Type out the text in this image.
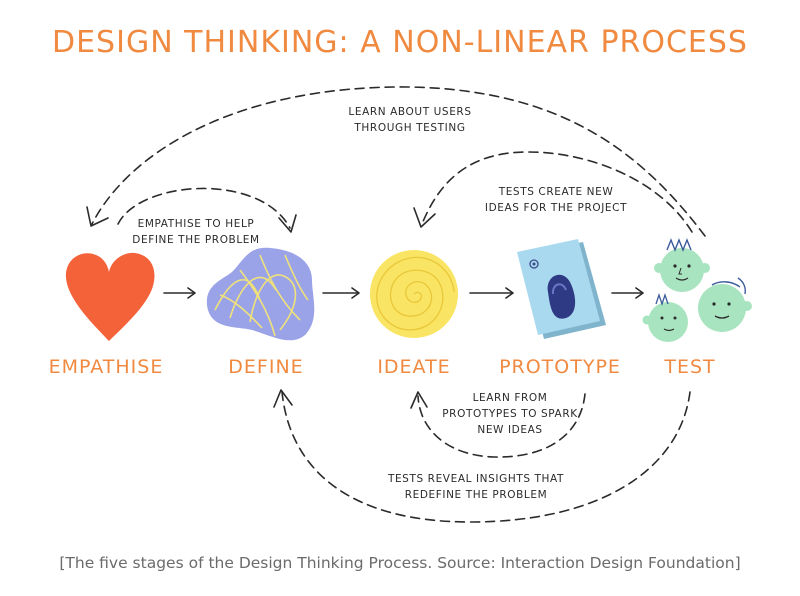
DESIGN THINKING: A NON-LINEAR PROCESS
EMPATHISE	DEFINE	IDEATE	PROTOTYPE TEST
LEARN ABOUT USERS
THROUGH TESTING
EMPATHISE TO HELP
DEFINE THE PROBLEM
TESTS CREATE NEW
IDEAS FOR THE PROJECT
LEARN FROM
PROTOTYPES TO SPARK
NEW IDEAS
TESTS REVEAL INSIGHTS THAT
REDEFINE THE PROBLEM
[The five stages of the Design Thinking Process. Source: Interaction Design Foundation]
